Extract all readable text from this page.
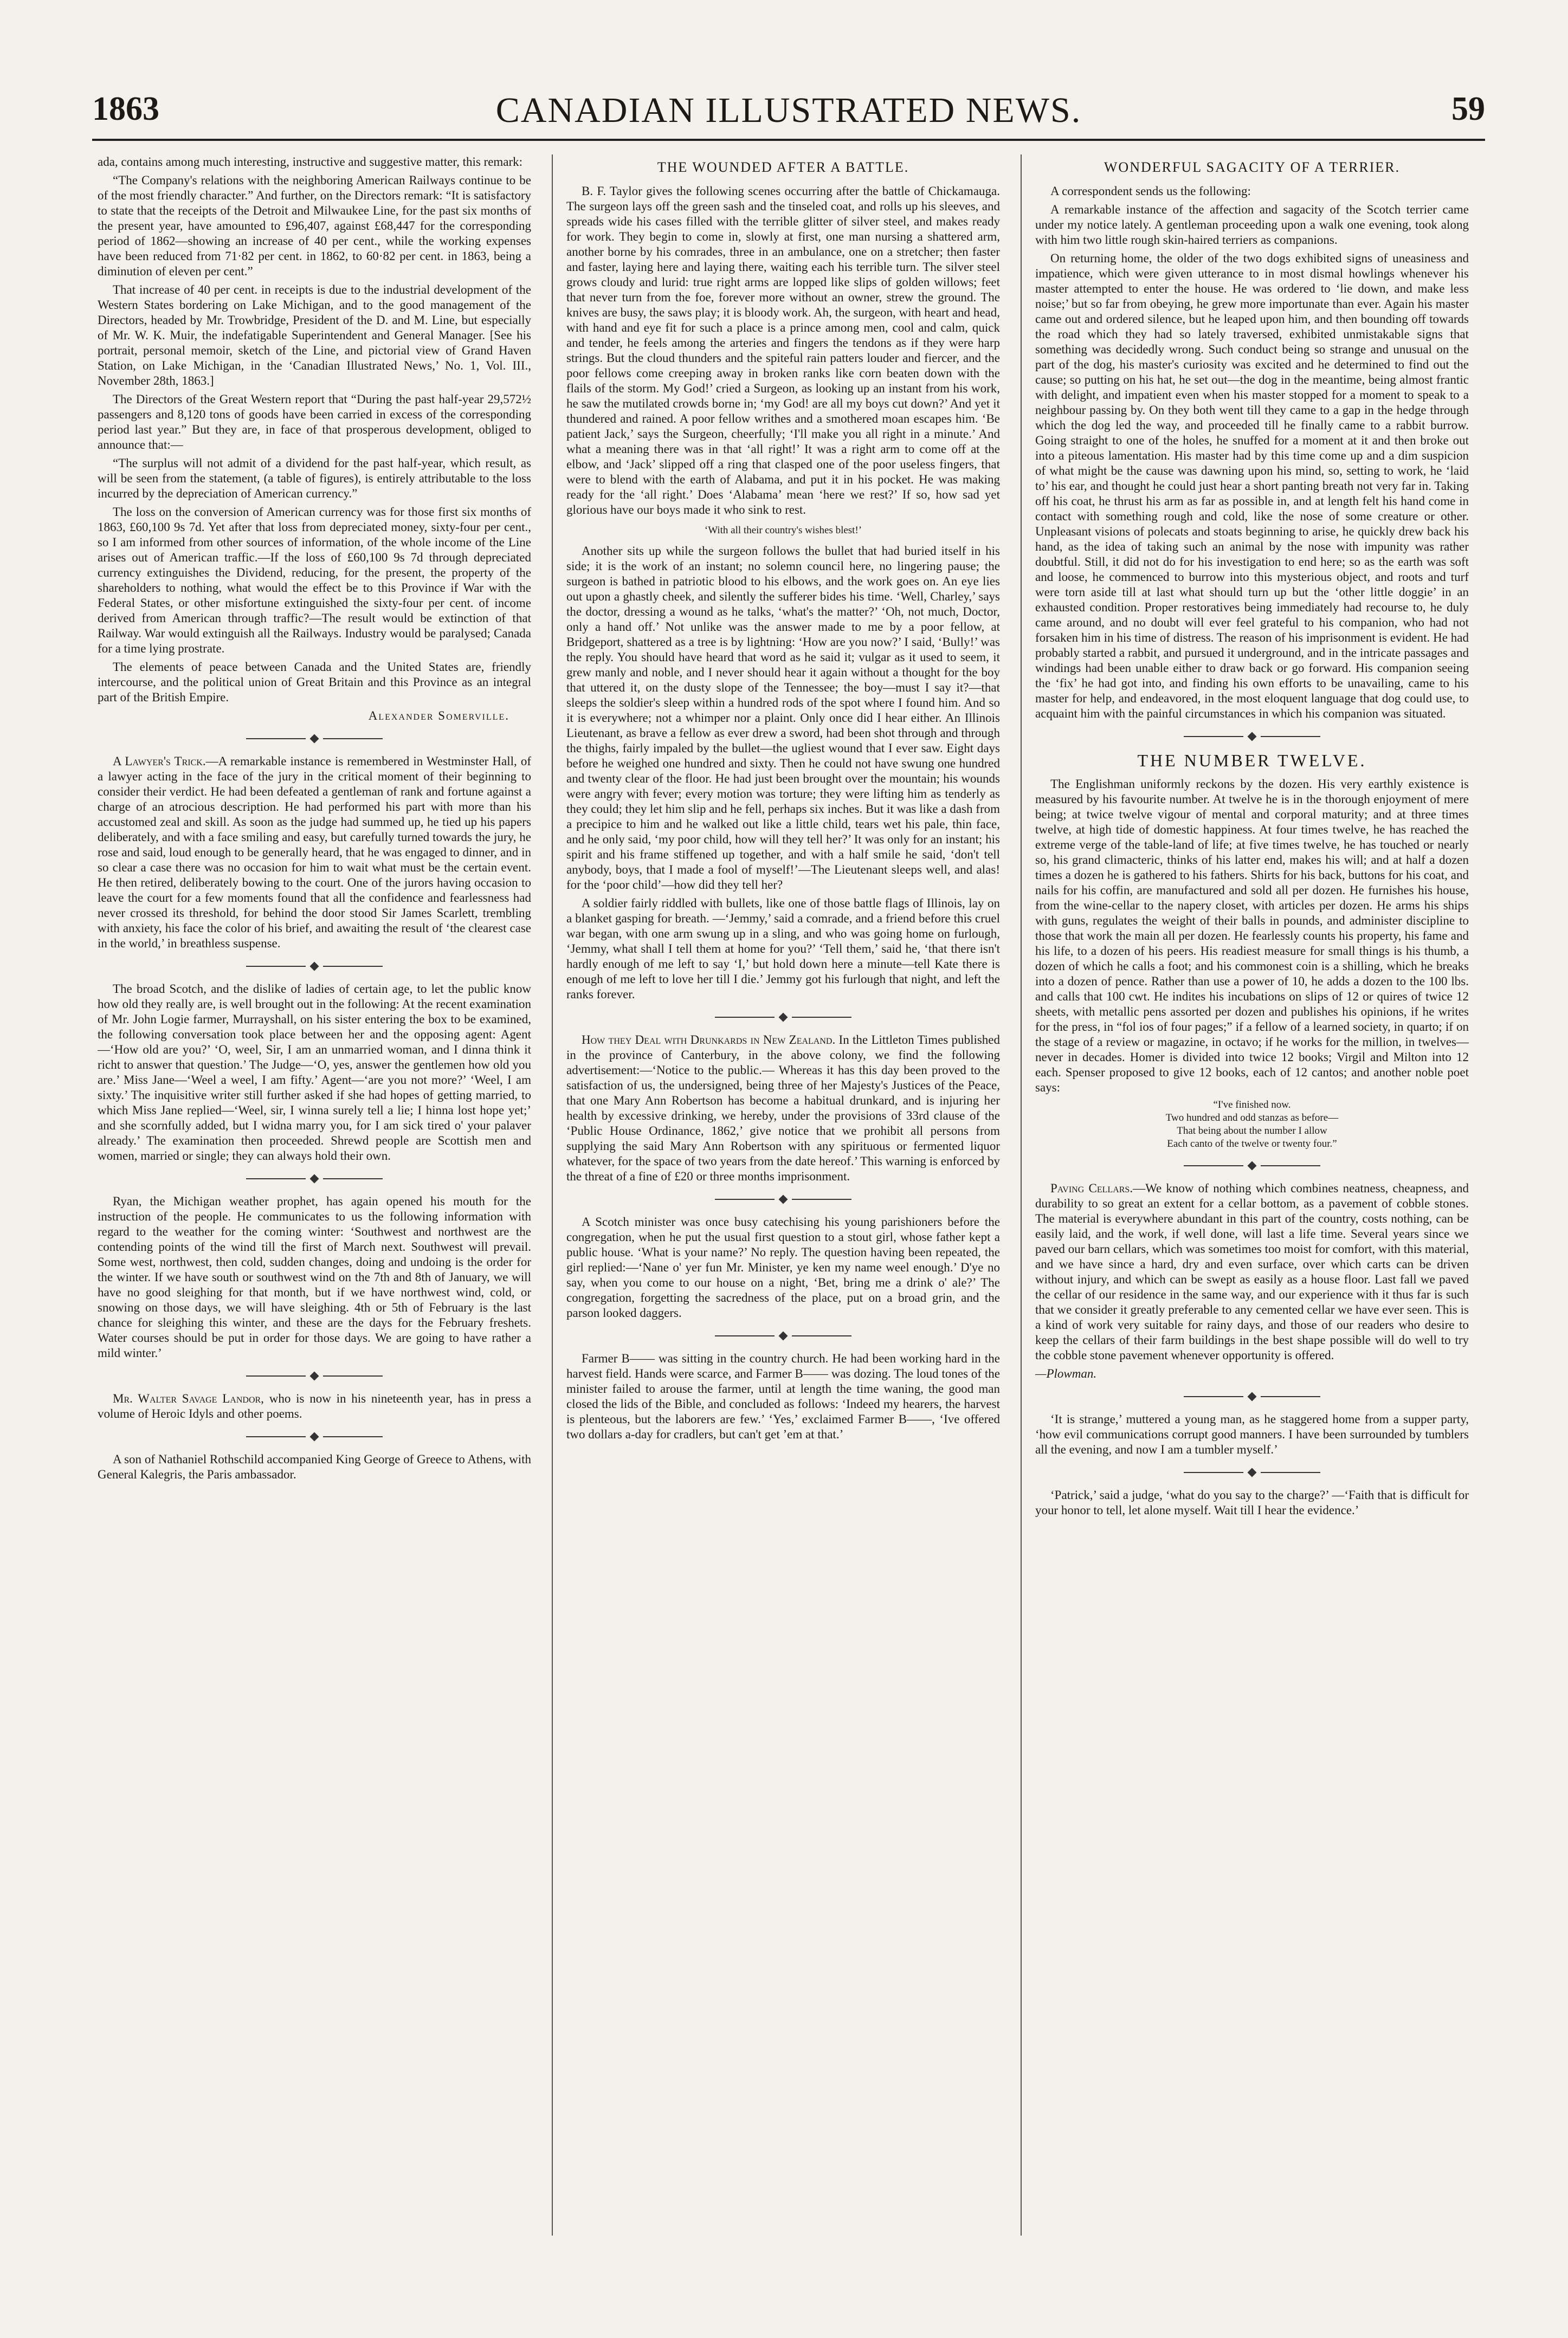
1863	CANADIAN ILLUSTRATED NEWS.	59

ada, contains among much interesting, instructive and suggestive matter, this remark:

“The Company's relations with the neighboring American Railways continue to be of the most friendly character.” And further, on the Directors remark: “It is satisfactory to state that the receipts of the Detroit and Milwaukee Line, for the past six months of the present year, have amounted to £96,407, against £68,447 for the corresponding period of 1862—showing an increase of 40 per cent., while the working expenses have been reduced from 71·82 per cent. in 1862, to 60·82 per cent. in 1863, being a diminution of eleven per cent.”

That increase of 40 per cent. in receipts is due to the industrial development of the Western States bordering on Lake Michigan, and to the good management of the Directors, headed by Mr. Trowbridge, President of the D. and M. Line, but especially of Mr. W. K. Muir, the indefatigable Superintendent and General Manager. [See his portrait, personal memoir, sketch of the Line, and pictorial view of Grand Haven Station, on Lake Michigan, in the ‘Canadian Illustrated News,’ No. 1, Vol. III., November 28th, 1863.]

The Directors of the Great Western report that “During the past half-year 29,572½ passengers and 8,120 tons of goods have been carried in excess of the corresponding period last year.” But they are, in face of that prosperous development, obliged to announce that:—

“The surplus will not admit of a dividend for the past half-year, which result, as will be seen from the statement, (a table of figures), is entirely attributable to the loss incurred by the depreciation of American currency.”

The loss on the conversion of American currency was for those first six months of 1863, £60,100 9s 7d. Yet after that loss from depreciated money, sixty-four per cent., so I am informed from other sources of information, of the whole income of the Line arises out of American traffic.—If the loss of £60,100 9s 7d through depreciated currency extinguishes the Dividend, reducing, for the present, the property of the shareholders to nothing, what would the effect be to this Province if War with the Federal States, or other misfortune extinguished the sixty-four per cent. of income derived from American through traffic?—The result would be extinction of that Railway. War would extinguish all the Railways. Industry would be paralysed; Canada for a time lying prostrate.

The elements of peace between Canada and the United States are, friendly intercourse, and the political union of Great Britain and this Province as an integral part of the British Empire.

Alexander Somerville.

A Lawyer's Trick.—A remarkable instance is remembered in Westminster Hall, of a lawyer acting in the face of the jury in the critical moment of their beginning to consider their verdict. He had been defeated a gentleman of rank and fortune against a charge of an atrocious description. He had performed his part with more than his accustomed zeal and skill. As soon as the judge had summed up, he tied up his papers deliberately, and with a face smiling and easy, but carefully turned towards the jury, he rose and said, loud enough to be generally heard, that he was engaged to dinner, and in so clear a case there was no occasion for him to wait what must be the certain event. He then retired, deliberately bowing to the court. One of the jurors having occasion to leave the court for a few moments found that all the confidence and fearlessness had never crossed its threshold, for behind the door stood Sir James Scarlett, trembling with anxiety, his face the color of his brief, and awaiting the result of ‘the clearest case in the world,’ in breathless suspense.

The broad Scotch, and the dislike of ladies of certain age, to let the public know how old they really are, is well brought out in the following: At the recent examination of Mr. John Logie farmer, Murrayshall, on his sister entering the box to be examined, the following conversation took place between her and the opposing agent: Agent—‘How old are you?’ ‘O, weel, Sir, I am an unmarried woman, and I dinna think it richt to answer that question.’ The Judge—‘O, yes, answer the gentlemen how old you are.’ Miss Jane—‘Weel a weel, I am fifty.’ Agent—‘are you not more?’ ‘Weel, I am sixty.’ The inquisitive writer still further asked if she had hopes of getting married, to which Miss Jane replied—‘Weel, sir, I winna surely tell a lie; I hinna lost hope yet;’ and she scornfully added, but I widna marry you, for I am sick tired o' your palaver already.’ The examination then proceeded. Shrewd people are Scottish men and women, married or single; they can always hold their own.

Ryan, the Michigan weather prophet, has again opened his mouth for the instruction of the people. He communicates to us the following information with regard to the weather for the coming winter: ‘Southwest and northwest are the contending points of the wind till the first of March next. Southwest will prevail. Some west, northwest, then cold, sudden changes, doing and undoing is the order for the winter. If we have south or southwest wind on the 7th and 8th of January, we will have no good sleighing for that month, but if we have northwest wind, cold, or snowing on those days, we will have sleighing. 4th or 5th of February is the last chance for sleighing this winter, and these are the days for the February freshets. Water courses should be put in order for those days. We are going to have rather a mild winter.’

Mr. Walter Savage Landor, who is now in his nineteenth year, has in press a volume of Heroic Idyls and other poems.

A son of Nathaniel Rothschild accompanied King George of Greece to Athens, with General Kalegris, the Paris ambassador.

THE WOUNDED AFTER A BATTLE.

B. F. Taylor gives the following scenes occurring after the battle of Chickamauga. The surgeon lays off the green sash and the tinseled coat, and rolls up his sleeves, and spreads wide his cases filled with the terrible glitter of silver steel, and makes ready for work. They begin to come in, slowly at first, one man nursing a shattered arm, another borne by his comrades, three in an ambulance, one on a stretcher; then faster and faster, laying here and laying there, waiting each his terrible turn. The silver steel grows cloudy and lurid: true right arms are lopped like slips of golden willows; feet that never turn from the foe, forever more without an owner, strew the ground. The knives are busy, the saws play; it is bloody work. Ah, the surgeon, with heart and head, with hand and eye fit for such a place is a prince among men, cool and calm, quick and tender, he feels among the arteries and fingers the tendons as if they were harp strings. But the cloud thunders and the spiteful rain patters louder and fiercer, and the poor fellows come creeping away in broken ranks like corn beaten down with the flails of the storm. My God!’ cried a Surgeon, as looking up an instant from his work, he saw the mutilated crowds borne in; ‘my God! are all my boys cut down?’ And yet it thundered and rained. A poor fellow writhes and a smothered moan escapes him. ‘Be patient Jack,’ says the Surgeon, cheerfully; ‘I'll make you all right in a minute.’ And what a meaning there was in that ‘all right!’ It was a right arm to come off at the elbow, and ‘Jack’ slipped off a ring that clasped one of the poor useless fingers, that were to blend with the earth of Alabama, and put it in his pocket. He was making ready for the ‘all right.’ Does ‘Alabama’ mean ‘here we rest?’ If so, how sad yet glorious have our boys made it who sink to rest.

‘With all their country's wishes blest!’

Another sits up while the surgeon follows the bullet that had buried itself in his side; it is the work of an instant; no solemn council here, no lingering pause; the surgeon is bathed in patriotic blood to his elbows, and the work goes on. An eye lies out upon a ghastly cheek, and silently the sufferer bides his time. ‘Well, Charley,’ says the doctor, dressing a wound as he talks, ‘what's the matter?’ ‘Oh, not much, Doctor, only a hand off.’ Not unlike was the answer made to me by a poor fellow, at Bridgeport, shattered as a tree is by lightning: ‘How are you now?’ I said, ‘Bully!’ was the reply. You should have heard that word as he said it; vulgar as it used to seem, it grew manly and noble, and I never should hear it again without a thought for the boy that uttered it, on the dusty slope of the Tennessee; the boy—must I say it?—that sleeps the soldier's sleep within a hundred rods of the spot where I found him. And so it is everywhere; not a whimper nor a plaint. Only once did I hear either. An Illinois Lieutenant, as brave a fellow as ever drew a sword, had been shot through and through the thighs, fairly impaled by the bullet—the ugliest wound that I ever saw. Eight days before he weighed one hundred and sixty. Then he could not have swung one hundred and twenty clear of the floor. He had just been brought over the mountain; his wounds were angry with fever; every motion was torture; they were lifting him as tenderly as they could; they let him slip and he fell, perhaps six inches. But it was like a dash from a precipice to him and he walked out like a little child, tears wet his pale, thin face, and he only said, ‘my poor child, how will they tell her?’ It was only for an instant; his spirit and his frame stiffened up together, and with a half smile he said, ‘don't tell anybody, boys, that I made a fool of myself!’—The Lieutenant sleeps well, and alas! for the ‘poor child’—how did they tell her?

A soldier fairly riddled with bullets, like one of those battle flags of Illinois, lay on a blanket gasping for breath. —‘Jemmy,’ said a comrade, and a friend before this cruel war began, with one arm swung up in a sling, and who was going home on furlough, ‘Jemmy, what shall I tell them at home for you?’ ‘Tell them,’ said he, ‘that there isn't hardly enough of me left to say ‘I,’ but hold down here a minute—tell Kate there is enough of me left to love her till I die.’ Jemmy got his furlough that night, and left the ranks forever.

How they Deal with Drunkards in New Zealand. In the Littleton Times published in the province of Canterbury, in the above colony, we find the following advertisement:—‘Notice to the public.— Whereas it has this day been proved to the satisfaction of us, the undersigned, being three of her Majesty's Justices of the Peace, that one Mary Ann Robertson has become a habitual drunkard, and is injuring her health by excessive drinking, we hereby, under the provisions of 33rd clause of the ‘Public House Ordinance, 1862,’ give notice that we prohibit all persons from supplying the said Mary Ann Robertson with any spirituous or fermented liquor whatever, for the space of two years from the date hereof.’ This warning is enforced by the threat of a fine of £20 or three months imprisonment.

A Scotch minister was once busy catechising his young parishioners before the congregation, when he put the usual first question to a stout girl, whose father kept a public house. ‘What is your name?’ No reply. The question having been repeated, the girl replied:—‘Nane o' yer fun Mr. Minister, ye ken my name weel enough.’ D'ye no say, when you come to our house on a night, ‘Bet, bring me a drink o' ale?’ The congregation, forgetting the sacredness of the place, put on a broad grin, and the parson looked daggers.

Farmer B—— was sitting in the country church. He had been working hard in the harvest field. Hands were scarce, and Farmer B—— was dozing. The loud tones of the minister failed to arouse the farmer, until at length the time waning, the good man closed the lids of the Bible, and concluded as follows: ‘Indeed my hearers, the harvest is plenteous, but the laborers are few.’ ‘Yes,’ exclaimed Farmer B——, ‘Ive offered two dollars a-day for cradlers, but can't get ’em at that.’

WONDERFUL SAGACITY OF A TERRIER.

A correspondent sends us the following:

A remarkable instance of the affection and sagacity of the Scotch terrier came under my notice lately. A gentleman proceeding upon a walk one evening, took along with him two little rough skin-haired terriers as companions.

On returning home, the older of the two dogs exhibited signs of uneasiness and impatience, which were given utterance to in most dismal howlings whenever his master attempted to enter the house. He was ordered to ‘lie down, and make less noise;’ but so far from obeying, he grew more importunate than ever. Again his master came out and ordered silence, but he leaped upon him, and then bounding off towards the road which they had so lately traversed, exhibited unmistakable signs that something was decidedly wrong. Such conduct being so strange and unusual on the part of the dog, his master's curiosity was excited and he determined to find out the cause; so putting on his hat, he set out—the dog in the meantime, being almost frantic with delight, and impatient even when his master stopped for a moment to speak to a neighbour passing by. On they both went till they came to a gap in the hedge through which the dog led the way, and proceeded till he finally came to a rabbit burrow. Going straight to one of the holes, he snuffed for a moment at it and then broke out into a piteous lamentation. His master had by this time come up and a dim suspicion of what might be the cause was dawning upon his mind, so, setting to work, he ‘laid to’ his ear, and thought he could just hear a short panting breath not very far in. Taking off his coat, he thrust his arm as far as possible in, and at length felt his hand come in contact with something rough and cold, like the nose of some creature or other. Unpleasant visions of polecats and stoats beginning to arise, he quickly drew back his hand, as the idea of taking such an animal by the nose with impunity was rather doubtful. Still, it did not do for his investigation to end here; so as the earth was soft and loose, he commenced to burrow into this mysterious object, and roots and turf were torn aside till at last what should turn up but the ‘other little doggie’ in an exhausted condition. Proper restoratives being immediately had recourse to, he duly came around, and no doubt will ever feel grateful to his companion, who had not forsaken him in his time of distress. The reason of his imprisonment is evident. He had probably started a rabbit, and pursued it underground, and in the intricate passages and windings had been unable either to draw back or go forward. His companion seeing the ‘fix’ he had got into, and finding his own efforts to be unavailing, came to his master for help, and endeavored, in the most eloquent language that dog could use, to acquaint him with the painful circumstances in which his companion was situated.

THE NUMBER TWELVE.

The Englishman uniformly reckons by the dozen. His very earthly existence is measured by his favourite number. At twelve he is in the thorough enjoyment of mere being; at twice twelve vigour of mental and corporal maturity; and at three times twelve, at high tide of domestic happiness. At four times twelve, he has reached the extreme verge of the table-land of life; at five times twelve, he has touched or nearly so, his grand climacteric, thinks of his latter end, makes his will; and at half a dozen times a dozen he is gathered to his fathers. Shirts for his back, buttons for his coat, and nails for his coffin, are manufactured and sold all per dozen. He furnishes his house, from the wine-cellar to the napery closet, with articles per dozen. He arms his ships with guns, regulates the weight of their balls in pounds, and administer discipline to those that work the main all per dozen. He fearlessly counts his property, his fame and his life, to a dozen of his peers. His readiest measure for small things is his thumb, a dozen of which he calls a foot; and his commonest coin is a shilling, which he breaks into a dozen of pence. Rather than use a power of 10, he adds a dozen to the 100 lbs. and calls that 100 cwt. He indites his incubations on slips of 12 or quires of twice 12 sheets, with metallic pens assorted per dozen and publishes his opinions, if he writes for the press, in “fol ios of four pages;” if a fellow of a learned society, in quarto; if on the stage of a review or magazine, in octavo; if he works for the million, in twelves—never in decades. Homer is divided into twice 12 books; Virgil and Milton into 12 each. Spenser proposed to give 12 books, each of 12 cantos; and another noble poet says:

“I've finished now.

Two hundred and odd stanzas as before—

That being about the number I allow

Each canto of the twelve or twenty four.”

Paving Cellars.—We know of nothing which combines neatness, cheapness, and durability to so great an extent for a cellar bottom, as a pavement of cobble stones. The material is everywhere abundant in this part of the country, costs nothing, can be easily laid, and the work, if well done, will last a life time. Several years since we paved our barn cellars, which was sometimes too moist for comfort, with this material, and we have since a hard, dry and even surface, over which carts can be driven without injury, and which can be swept as easily as a house floor. Last fall we paved the cellar of our residence in the same way, and our experience with it thus far is such that we consider it greatly preferable to any cemented cellar we have ever seen. This is a kind of work very suitable for rainy days, and those of our readers who desire to keep the cellars of their farm buildings in the best shape possible will do well to try the cobble stone pavement whenever opportunity is offered.

—Plowman.

‘It is strange,’ muttered a young man, as he staggered home from a supper party, ‘how evil communications corrupt good manners. I have been surrounded by tumblers all the evening, and now I am a tumbler myself.’

‘Patrick,’ said a judge, ‘what do you say to the charge?’ —‘Faith that is difficult for your honor to tell, let alone myself. Wait till I hear the evidence.’
